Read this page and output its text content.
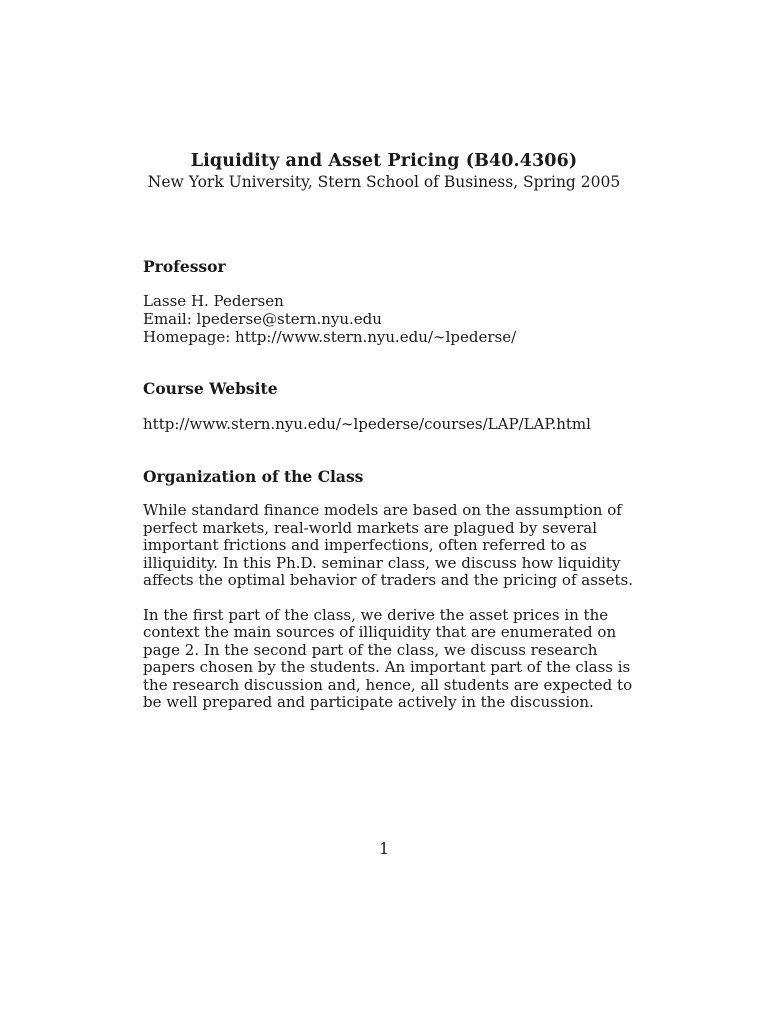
Liquidity and Asset Pricing (B40.4306)

New York University, Stern School of Business, Spring 2005

Professor

Lasse H. Pedersen

Email: lpederse@stern.nyu.edu

Homepage: http://www.stern.nyu.edu/∼lpederse/

Course Website

http://www.stern.nyu.edu/∼lpederse/courses/LAP/LAP.html

Organization of the Class

While standard finance models are based on the assumption of perfect markets, real-world markets are plagued by several important frictions and imperfections, often referred to as illiquidity. In this Ph.D. seminar class, we discuss how liquidity affects the optimal behavior of traders and the pricing of assets.

In the first part of the class, we derive the asset prices in the context the main sources of illiquidity that are enumerated on page 2. In the second part of the class, we discuss research papers chosen by the students. An important part of the class is the research discussion and, hence, all students are expected to be well prepared and participate actively in the discussion.

1
